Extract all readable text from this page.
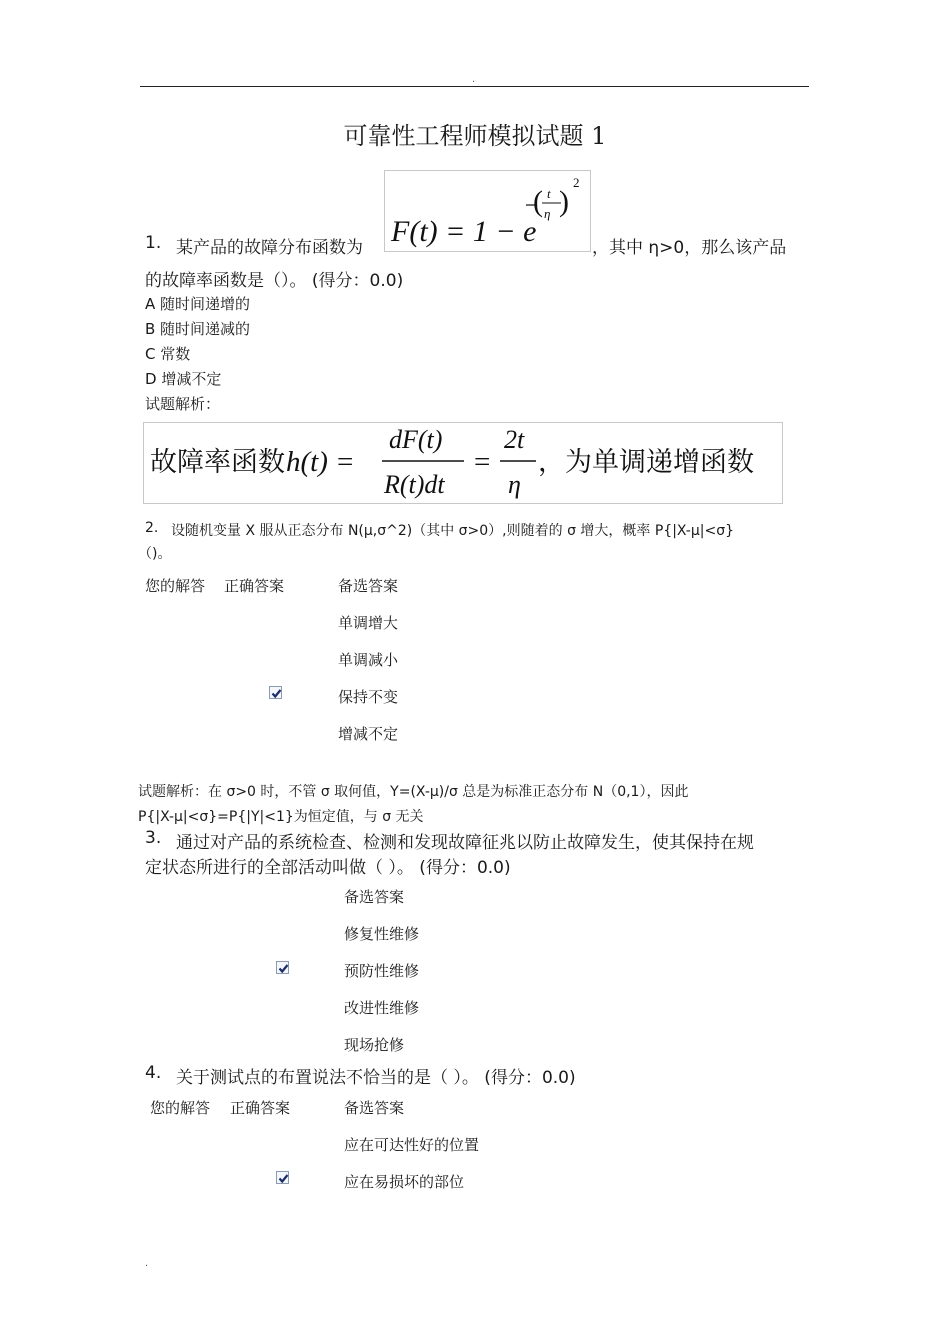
.
可靠性工程师模拟试题 1
1. 某产品的故障分布函数为 F(t) = 1 − e
( t
η )
2
，其中 η>0，那么该产品
的故障率函数是（）。 (得分：0.0)
A 随时间递增的
B 随时间递减的
C 常数
D 增减不定
试题解析：
故障率函数 h(t) =
dF(t)
R(t)dt
=
2t
η
，为单调递增函数
2. 设随机变量 X 服从正态分布 N(μ,σ^2)（其中 σ>0）,则随着的 σ 增大，概率 P{|X-μ|<σ}
（)。
您的解答 正确答案	备选答案
单调增大
单调减小
保持不变
增减不定
试题解析：在 σ>0 时，不管 σ 取何值，Y=(X-μ)/σ 总是为标准正态分布 N（0,1），因此
P{|X-μ|<σ}=P{|Y|<1}为恒定值，与 σ 无关
3. 通过对产品的系统检查、检测和发现故障征兆以防止故障发生，使其保持在规
定状态所进行的全部活动叫做（ ）。 (得分：0.0)
备选答案
修复性维修
预防性维修
改进性维修
现场抢修
4. 关于测试点的布置说法不恰当的是（ ）。 (得分：0.0)
您的解答 正确答案	备选答案
应在可达性好的位置
应在易损坏的部位
.
